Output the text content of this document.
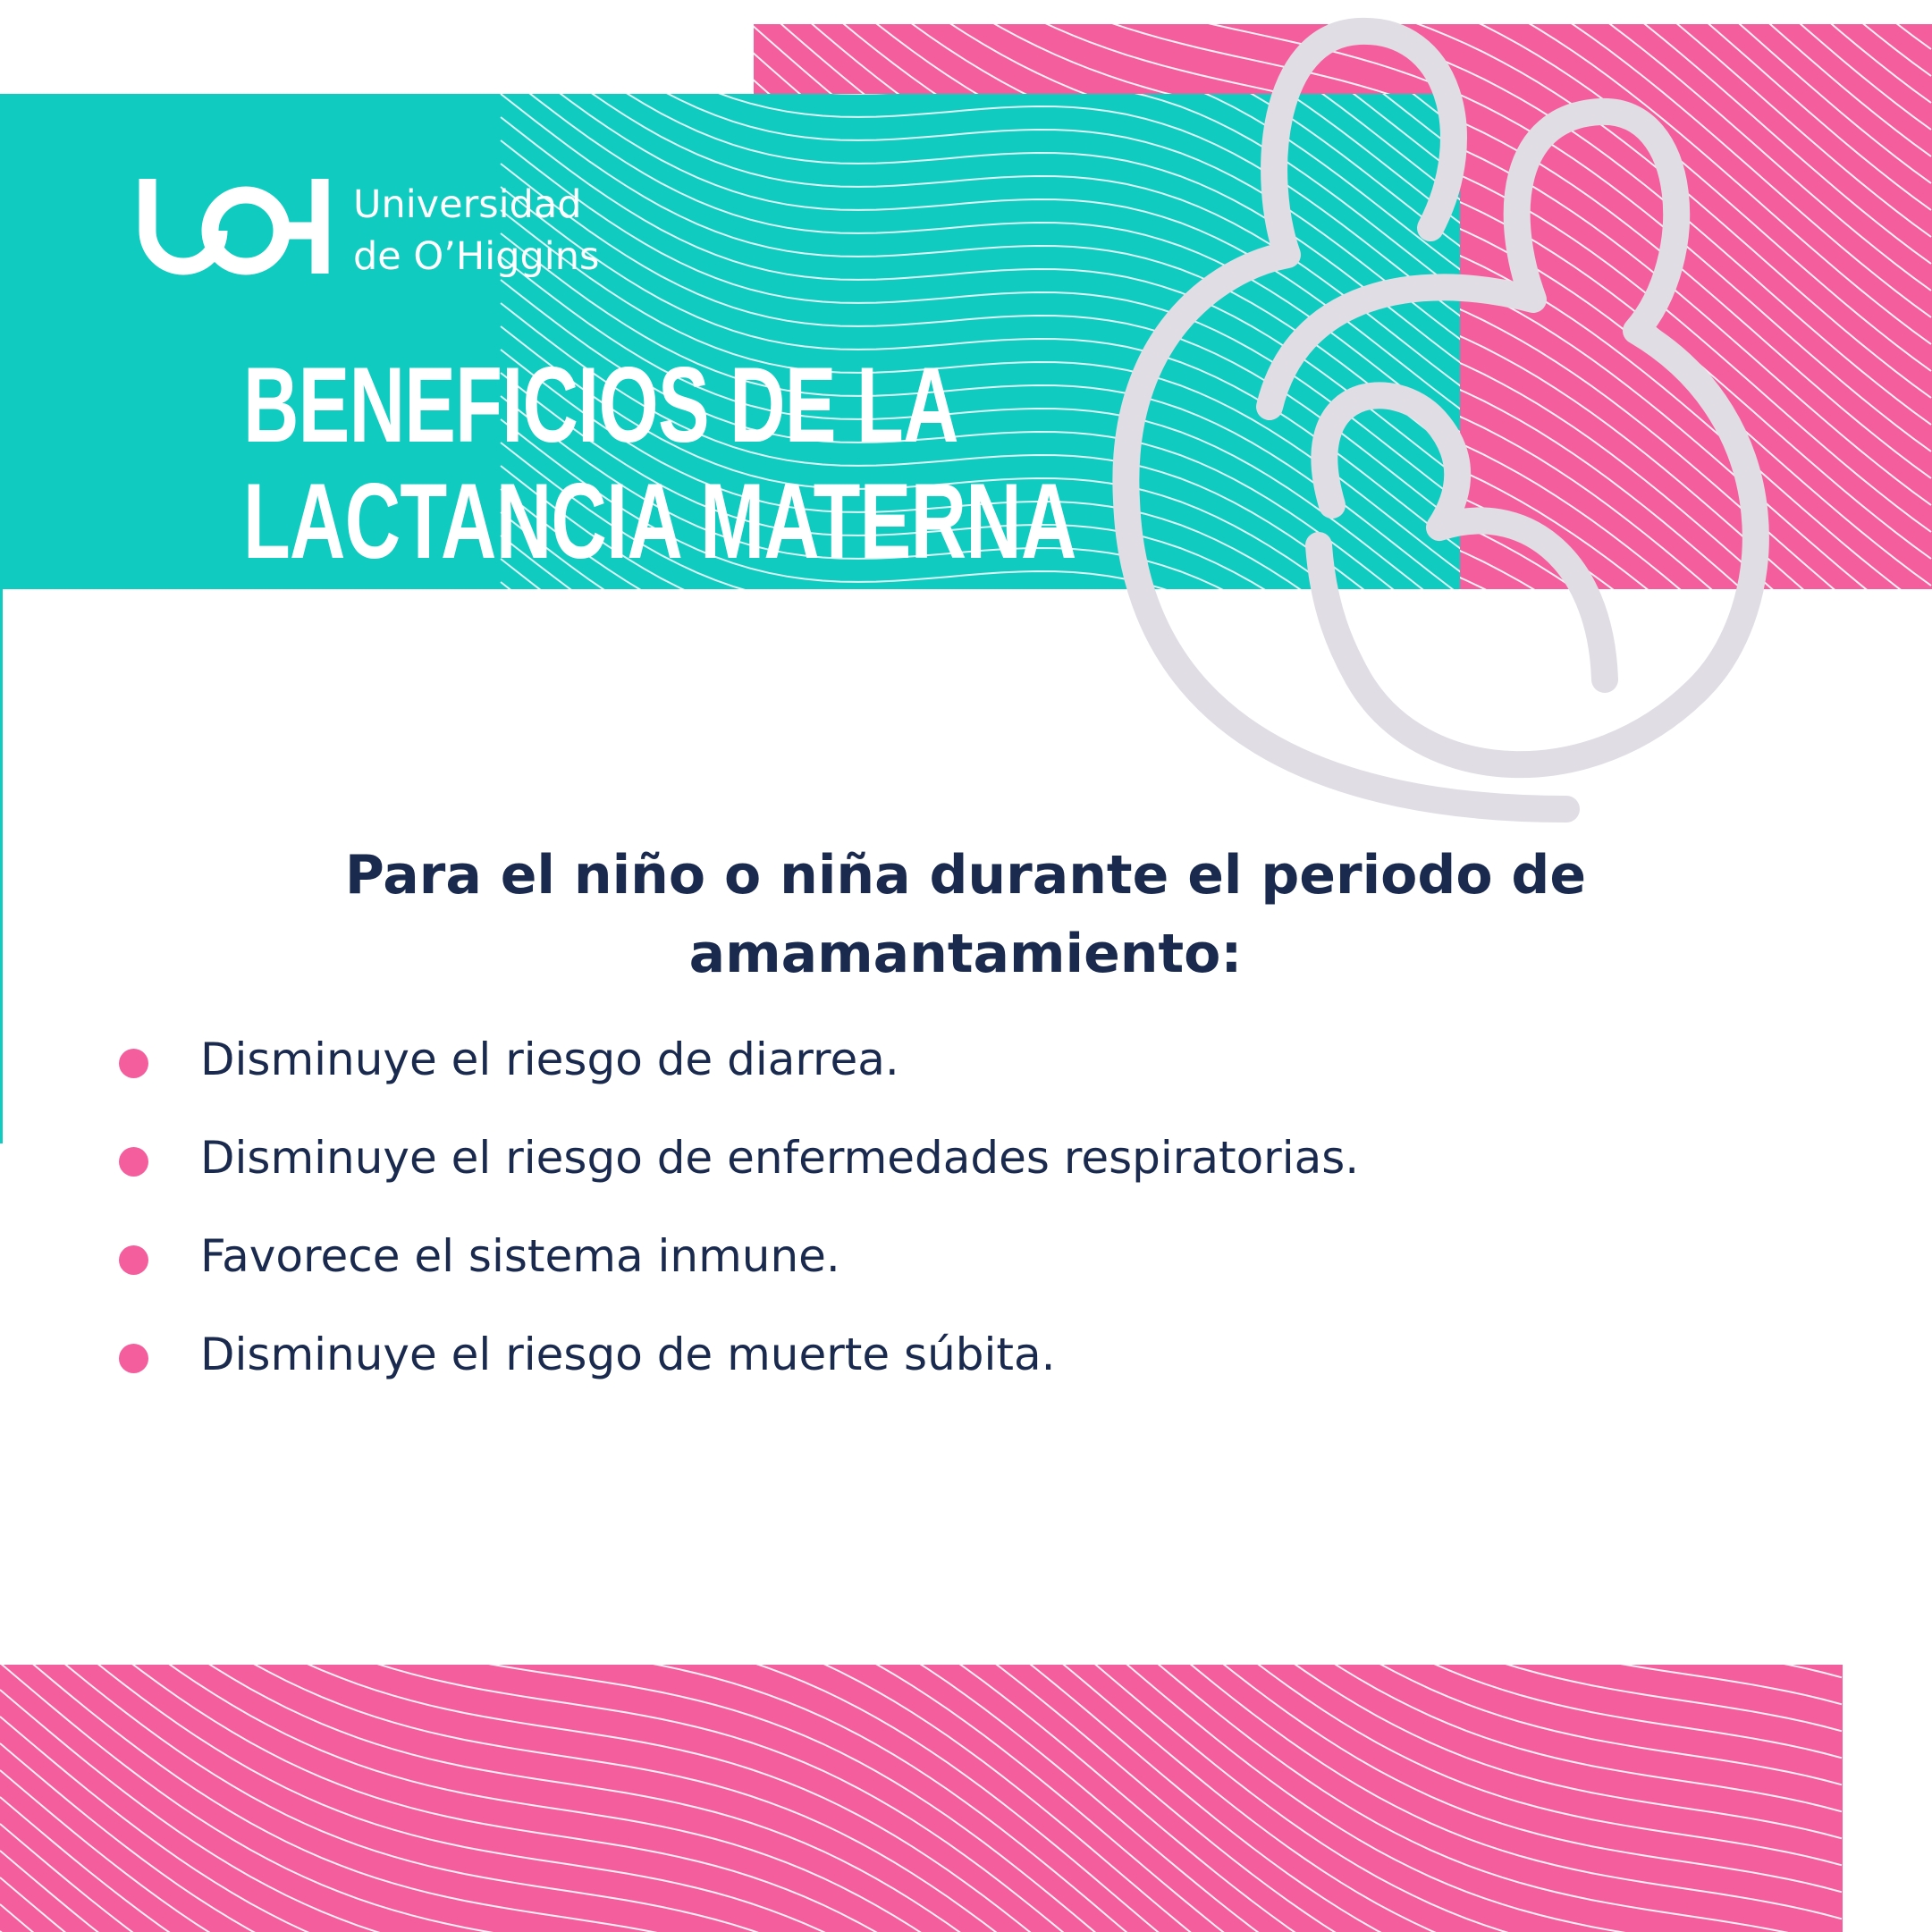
Universidad
de O’Higgins
BENEFICIOS DE LA
LACTANCIA MATERNA
Para el niño o niña durante el periodo de amamantamiento:
Disminuye el riesgo de diarrea.
Disminuye el riesgo de enfermedades respiratorias.
Favorece el sistema inmune.
Disminuye el riesgo de muerte súbita.
